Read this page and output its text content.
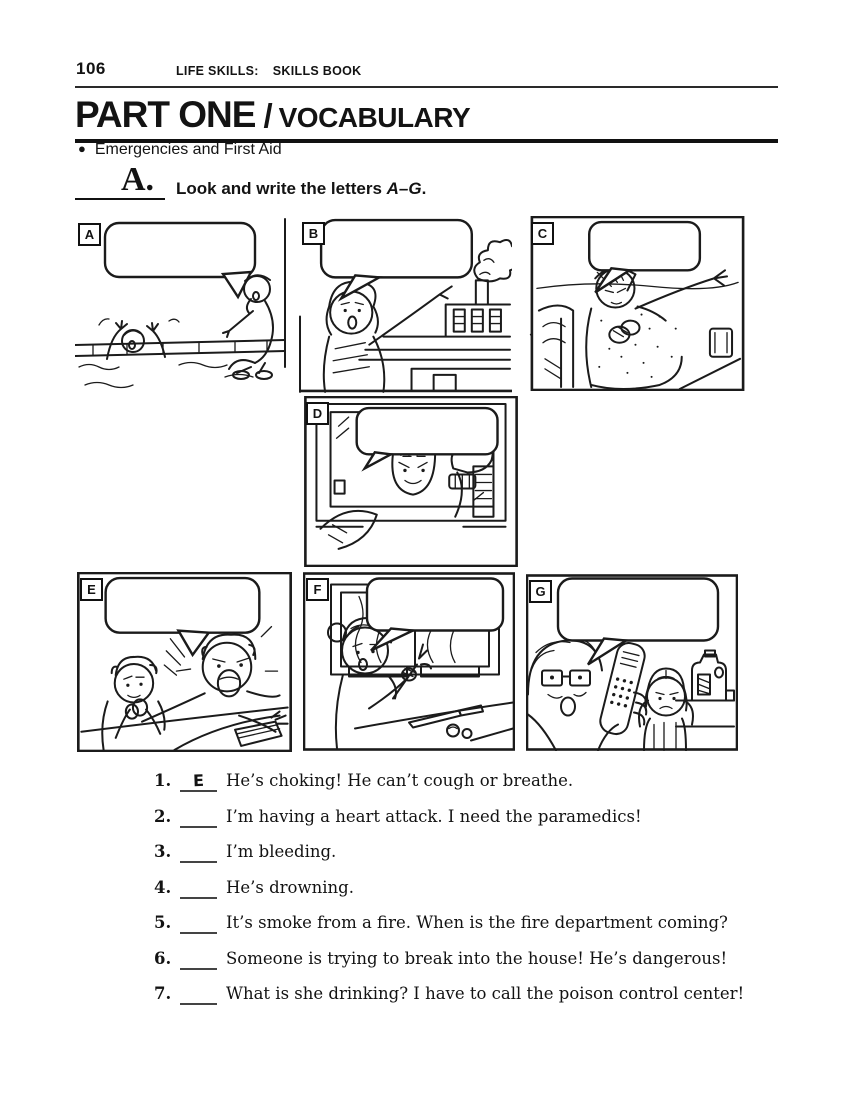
106	LIFE SKILLS: SKILLS BOOK
PART ONE / VOCABULARY
● Emergencies and First Aid
A. Look and write the letters A–G.
A	B	C
D
E	F	G
1.	E	He’s choking! He can’t cough or breathe.
2.	I’m having a heart attack. I need the paramedics!
3.	I’m bleeding.
4.	He’s drowning.
5.	It’s smoke from a fire. When is the fire department coming?
6.	Someone is trying to break into the house! He’s dangerous!
7.	What is she drinking? I have to call the poison control center!
